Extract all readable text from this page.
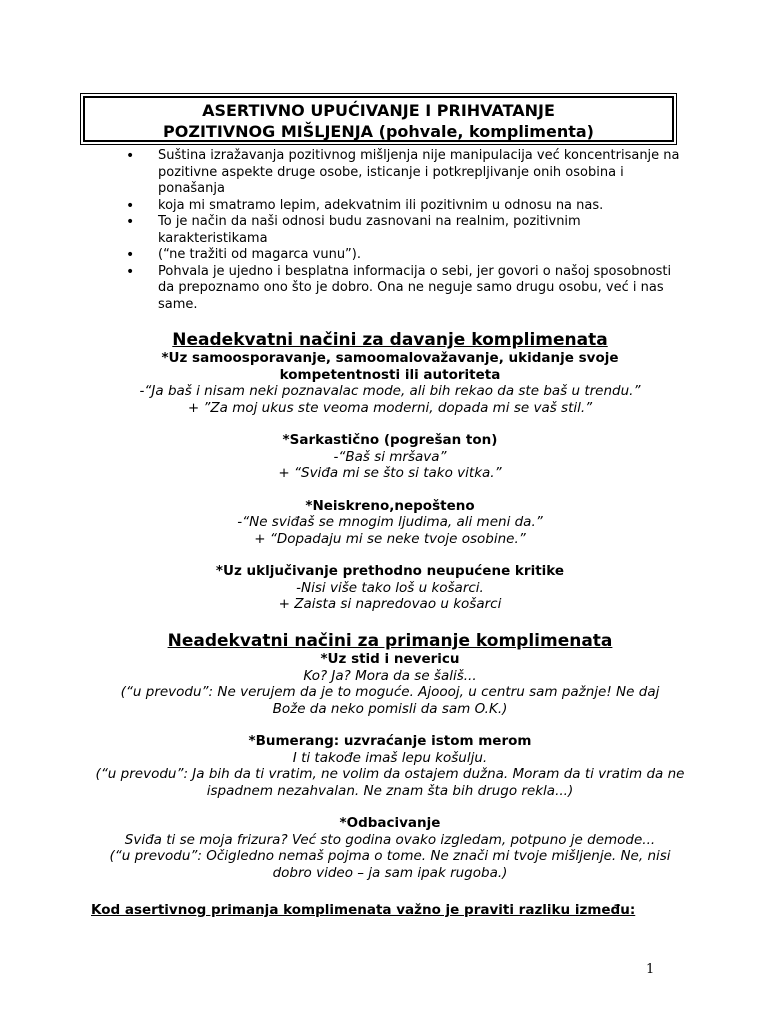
ASERTIVNO UPUĆIVANJE I PRIHVATANJE
POZITIVNOG MIŠLJENJA (pohvale, komplimenta)
• Suština izražavanja pozitivnog mišljenja nije manipulacija već koncentrisanje na pozitivne aspekte druge osobe, isticanje i potkrepljivanje onih osobina i ponašanja
• koja mi smatramo lepim, adekvatnim ili pozitivnim u odnosu na nas.
• To je način da naši odnosi budu zasnovani na realnim, pozitivnim karakteristikama
• (“ne tražiti od magarca vunu”).
• Pohvala je ujedno i besplatna informacija o sebi, jer govori o našoj sposobnosti da prepoznamo ono što je dobro. Ona ne neguje samo drugu osobu, već i nas same.
Neadekvatni načini za davanje komplimenata
*Uz samoosporavanje, samoomalovažavanje, ukidanje svoje kompetentnosti ili autoriteta
-“Ja baš i nisam neki poznavalac mode, ali bih rekao da ste baš u trendu.”
+ ”Za moj ukus ste veoma moderni, dopada mi se vaš stil.”
*Sarkastično (pogrešan ton)
-“Baš si mršava”
+ “Sviđa mi se što si tako vitka.”
*Neiskreno,nepošteno
-“Ne sviđaš se mnogim ljudima, ali meni da.”
+ “Dopadaju mi se neke tvoje osobine.”
*Uz uključivanje prethodno neupućene kritike
-Nisi više tako loš u košarci.
+ Zaista si napredovao u košarci
Neadekvatni načini za primanje komplimenata
*Uz stid i nevericu
Ko? Ja? Mora da se šališ...
(“u prevodu”: Ne verujem da je to moguće. Ajoooj, u centru sam pažnje! Ne daj Bože da neko pomisli da sam O.K.)
*Bumerang: uzvraćanje istom merom
I ti takođe imaš lepu košulju.
(“u prevodu”: Ja bih da ti vratim, ne volim da ostajem dužna. Moram da ti vratim da ne ispadnem nezahvalan. Ne znam šta bih drugo rekla...)
*Odbacivanje
Sviđa ti se moja frizura? Već sto godina ovako izgledam, potpuno je demode...
(“u prevodu”: Očigledno nemaš pojma o tome. Ne znači mi tvoje mišljenje. Ne, nisi dobro video – ja sam ipak rugoba.)
Kod asertivnog primanja komplimenata važno je praviti razliku između:
1
